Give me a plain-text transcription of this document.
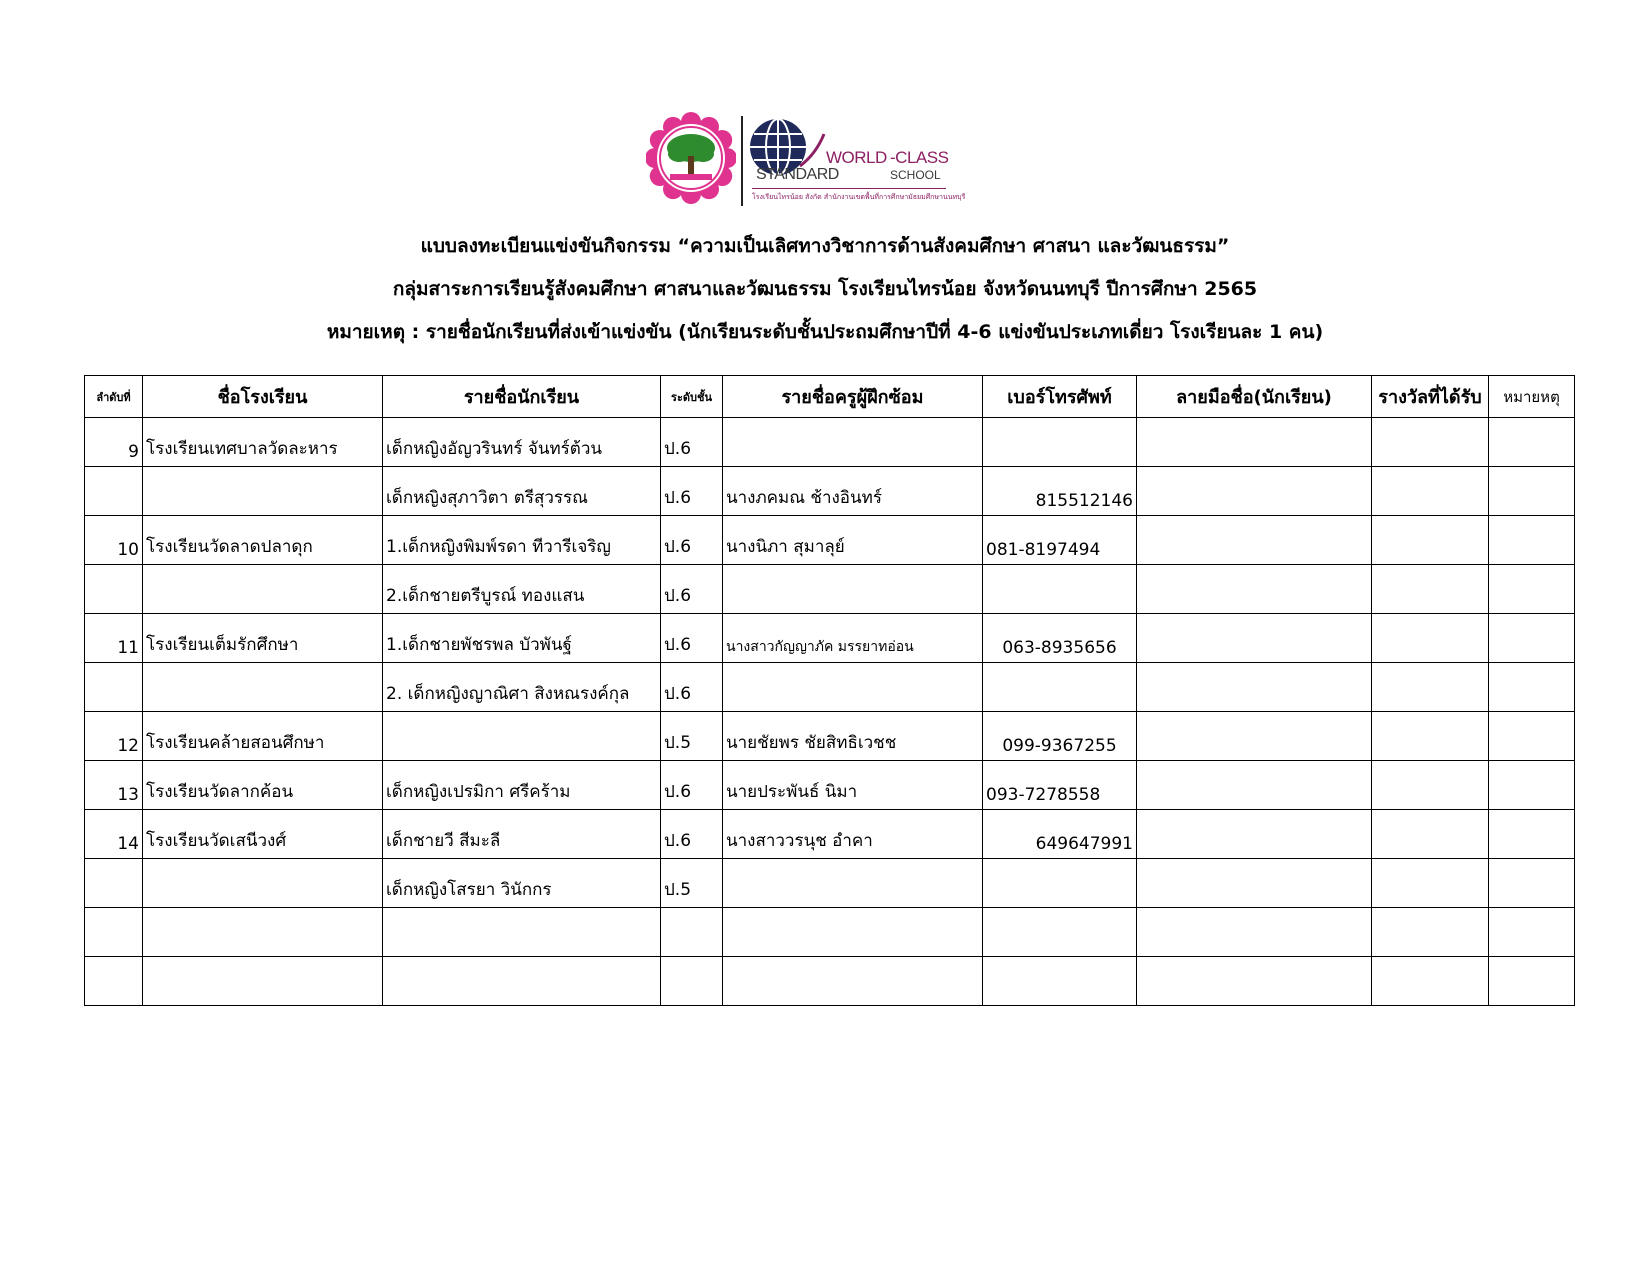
WORLD -CLASS
STANDARD	SCHOOL
โรงเรียนไทรน้อย สังกัด สำนักงานเขตพื้นที่การศึกษามัธยมศึกษานนทบุรี
แบบลงทะเบียนแข่งขันกิจกรรม “ความเป็นเลิศทางวิชาการด้านสังคมศึกษา ศาสนา และวัฒนธรรม”
กลุ่มสาระการเรียนรู้สังคมศึกษา ศาสนาและวัฒนธรรม โรงเรียนไทรน้อย จังหวัดนนทบุรี ปีการศึกษา 2565
หมายเหตุ : รายชื่อนักเรียนที่ส่งเข้าแข่งขัน (นักเรียนระดับชั้นประถมศึกษาปีที่ 4-6 แข่งขันประเภทเดี่ยว โรงเรียนละ 1 คน)
ลำดับที่	ชื่อโรงเรียน	รายชื่อนักเรียน	ระดับชั้น	รายชื่อครูผู้ฝึกซ้อม	เบอร์โทรศัพท์	ลายมือชื่อ(นักเรียน)	รางวัลที่ได้รับ	หมายหตุ
9	โรงเรียนเทศบาลวัดละหาร	เด็กหญิงอัญวรินทร์ จันทร์ต้วน	ป.6					
		เด็กหญิงสุภาวิตา ตรีสุวรรณ	ป.6	นางภคมณ ช้างอินทร์	815512146			
10	โรงเรียนวัดลาดปลาดุก	1.เด็กหญิงพิมพ์รดา ทีวารีเจริญ	ป.6	นางนิภา สุมาลุย์	081-8197494			
		2.เด็กชายตรีบูรณ์ ทองแสน	ป.6					
11	โรงเรียนเต็มรักศึกษา	1.เด็กชายพัชรพล บัวพันฐ์	ป.6	นางสาวกัญญาภัค มรรยาทอ่อน	063-8935656			
		2. เด็กหญิงญาณิศา สิงหณรงค์กุล	ป.6					
12	โรงเรียนคล้ายสอนศึกษา		ป.5	นายชัยพร ชัยสิทธิเวชช	099-9367255			
13	โรงเรียนวัดลากค้อน	เด็กหญิงเปรมิกา ศรีคร้าม	ป.6	นายประพันธ์ นิมา	093-7278558			
14	โรงเรียนวัดเสนีวงศ์	เด็กชายวี สีมะลี	ป.6	นางสาววรนุช อำคา	649647991			
		เด็กหญิงโสรยา วินักกร	ป.5					
